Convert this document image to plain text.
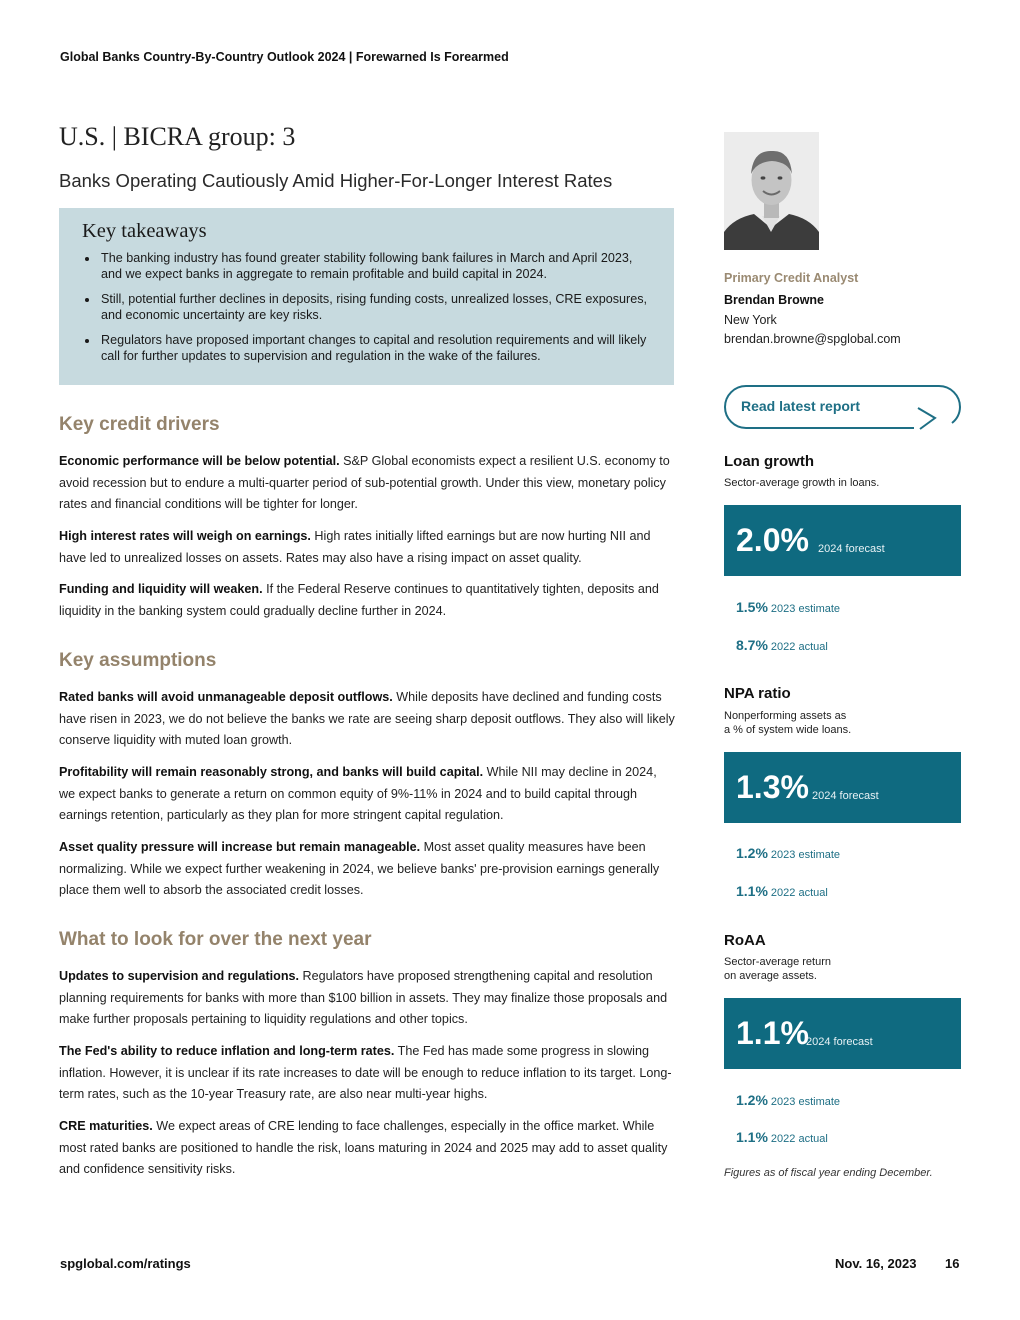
Global Banks Country-By-Country Outlook 2024 | Forewarned Is Forearmed
U.S. | BICRA group: 3
Banks Operating Cautiously Amid Higher-For-Longer Interest Rates
Key takeaways
• The banking industry has found greater stability following bank failures in March and April 2023, and we expect banks in aggregate to remain profitable and build capital in 2024.
• Still, potential further declines in deposits, rising funding costs, unrealized losses, CRE exposures, and economic uncertainty are key risks.
• Regulators have proposed important changes to capital and resolution requirements and will likely call for further updates to supervision and regulation in the wake of the failures.
Key credit drivers
Economic performance will be below potential. S&P Global economists expect a resilient U.S. economy to avoid recession but to endure a multi-quarter period of sub-potential growth. Under this view, monetary policy rates and financial conditions will be tighter for longer.
High interest rates will weigh on earnings. High rates initially lifted earnings but are now hurting NII and have led to unrealized losses on assets. Rates may also have a rising impact on asset quality.
Funding and liquidity will weaken. If the Federal Reserve continues to quantitatively tighten, deposits and liquidity in the banking system could gradually decline further in 2024.
Key assumptions
Rated banks will avoid unmanageable deposit outflows. While deposits have declined and funding costs have risen in 2023, we do not believe the banks we rate are seeing sharp deposit outflows. They also will likely conserve liquidity with muted loan growth.
Profitability will remain reasonably strong, and banks will build capital. While NII may decline in 2024, we expect banks to generate a return on common equity of 9%-11% in 2024 and to build capital through earnings retention, particularly as they plan for more stringent capital regulation.
Asset quality pressure will increase but remain manageable. Most asset quality measures have been normalizing. While we expect further weakening in 2024, we believe banks' pre-provision earnings generally place them well to absorb the associated credit losses.
What to look for over the next year
Updates to supervision and regulations. Regulators have proposed strengthening capital and resolution planning requirements for banks with more than $100 billion in assets. They may finalize those proposals and make further proposals pertaining to liquidity regulations and other topics.
The Fed's ability to reduce inflation and long-term rates. The Fed has made some progress in slowing inflation. However, it is unclear if its rate increases to date will be enough to reduce inflation to its target. Long-term rates, such as the 10-year Treasury rate, are also near multi-year highs.
CRE maturities. We expect areas of CRE lending to face challenges, especially in the office market. While most rated banks are positioned to handle the risk, loans maturing in 2024 and 2025 may add to asset quality and confidence sensitivity risks.
Primary Credit Analyst
Brendan Browne
New York
brendan.browne@spglobal.com
Read latest report
Loan growth
Sector-average growth in loans.
2.0% 2024 forecast
1.5% 2023 estimate
8.7% 2022 actual
NPA ratio
Nonperforming assets as
a % of system wide loans.
1.3% 2024 forecast
1.2% 2023 estimate
1.1% 2022 actual
RoAA
Sector-average return
on average assets.
1.1%
2024 forecast
1.2% 2023 estimate
1.1% 2022 actual
Figures as of fiscal year ending December.
spglobal.com/ratings	Nov. 16, 2023 16
